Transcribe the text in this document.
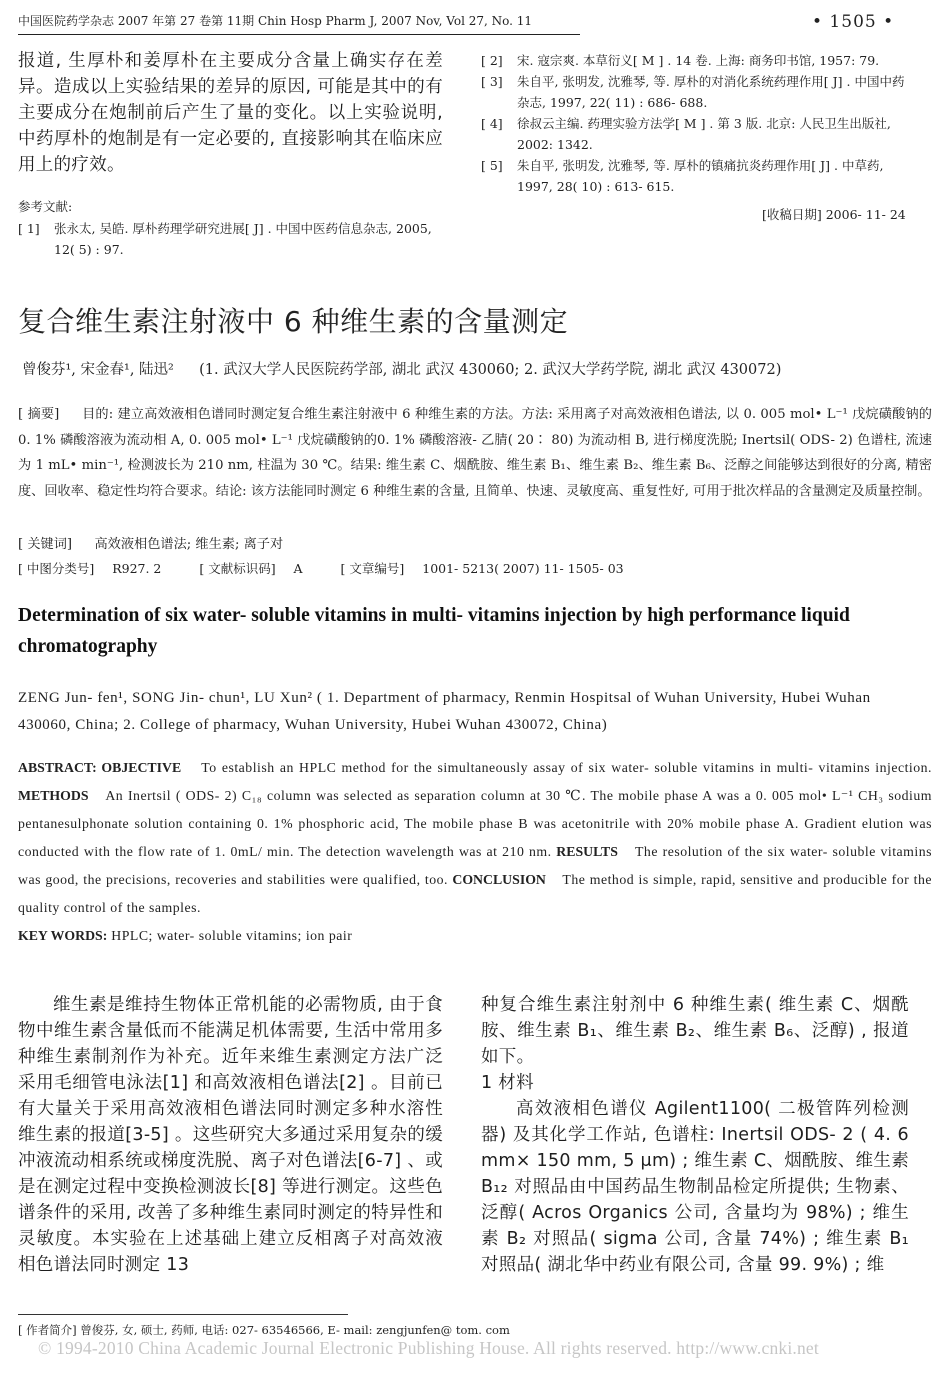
中国医院药学杂志 2007 年第 27 卷第 11期 Chin Hosp Pharm J, 2007 Nov, Vol 27, No. 11	• 1505 •
报道, 生厚朴和姜厚朴在主要成分含量上确实存在差异。造成以上实验结果的差异的原因, 可能是其中的有主要成分在炮制前后产生了量的变化。以上实验说明, 中药厚朴的炮制是有一定必要的, 直接影响其在临床应用上的疗效。
参考文献:
[ 1]	张永太, 吴皓. 厚朴药理学研究进展[ J] . 中国中医药信息杂志, 2005, 12( 5) : 97.
[ 2]	宋. 寇宗爽. 本草衍义[ M ] . 14 卷. 上海: 商务印书馆, 1957: 79.
[ 3]	朱自平, 张明发, 沈雅琴, 等. 厚朴的对消化系统药理作用[ J] . 中国中药杂志, 1997, 22( 11) : 686- 688.
[ 4]	徐叔云主编. 药理实验方法学[ M ] . 第 3 版. 北京: 人民卫生出版社, 2002: 1342.
[ 5]	朱自平, 张明发, 沈雅琴, 等. 厚朴的镇痛抗炎药理作用[ J] . 中草药, 1997, 28( 10) : 613- 615.
[收稿日期] 2006- 11- 24
复合维生素注射液中 6 种维生素的含量测定
曾俊芬¹, 宋金春¹, 陆迅² (1. 武汉大学人民医院药学部, 湖北 武汉 430060; 2. 武汉大学药学院, 湖北 武汉 430072)
[ 摘要] 目的: 建立高效液相色谱同时测定复合维生素注射液中 6 种维生素的方法。方法: 采用离子对高效液相色谱法, 以 0. 005 mol• L⁻¹ 戊烷磺酸钠的0. 1% 磷酸溶液为流动相 A, 0. 005 mol• L⁻¹ 戊烷磺酸钠的0. 1% 磷酸溶液- 乙腈( 20∶ 80) 为流动相 B, 进行梯度洗脱; Inertsil( ODS- 2) 色谱柱, 流速为 1 mL• min⁻¹, 检测波长为 210 nm, 柱温为 30 ℃。结果: 维生素 C、烟酰胺、维生素 B₁、维生素 B₂、维生素 B₆、泛醇之间能够达到很好的分离, 精密度、回收率、稳定性均符合要求。结论: 该方法能同时测定 6 种维生素的含量, 且简单、快速、灵敏度高、重复性好, 可用于批次样品的含量测定及质量控制。
[ 关键词] 高效液相色谱法; 维生素; 离子对
[ 中图分类号] R927. 2	[ 文献标识码] A	[ 文章编号] 1001- 5213( 2007) 11- 1505- 03
Determination of six water- soluble vitamins in multi- vitamins injection by high performance liquid chromatography
ZENG Jun- fen¹, SONG Jin- chun¹, LU Xun² ( 1. Department of pharmacy, Renmin Hospitsal of Wuhan University, Hubei Wuhan 430060, China; 2. College of pharmacy, Wuhan University, Hubei Wuhan 430072, China)
ABSTRACT: OBJECTIVE To establish an HPLC method for the simultaneously assay of six water- soluble vitamins in multi- vitamins injection. METHODS An Inertsil ( ODS- 2) C₁₈ column was selected as separation column at 30 ℃. The mobile phase A was a 0. 005 mol• L⁻¹ CH₃ sodium pentanesulphonate solution containing 0. 1% phosphoric acid, The mobile phase B was acetonitrile with 20% mobile phase A. Gradient elution was conducted with the flow rate of 1. 0mL/ min. The detection wavelength was at 210 nm. RESULTS The resolution of the six water- soluble vitamins was good, the precisions, recoveries and stabilities were qualified, too. CONCLUSION The method is simple, rapid, sensitive and producible for the quality control of the samples.
KEY WORDS: HPLC; water- soluble vitamins; ion pair
维生素是维持生物体正常机能的必需物质, 由于食物中维生素含量低而不能满足机体需要, 生活中常用多种维生素制剂作为补充。近年来维生素测定方法广泛采用毛细管电泳法[1] 和高效液相色谱法[2] 。目前已有大量关于采用高效液相色谱法同时测定多种水溶性维生素的报道[3-5] 。这些研究大多通过采用复杂的缓冲液流动相系统或梯度洗脱、离子对色谱法[6-7] 、或是在测定过程中变换检测波长[8] 等进行测定。这些色谱条件的采用, 改善了多种维生素同时测定的特异性和灵敏度。本实验在上述基础上建立反相离子对高效液相色谱法同时测定 13
种复合维生素注射剂中 6 种维生素( 维生素 C、烟酰胺、维生素 B₁、维生素 B₂、维生素 B₆、泛醇) , 报道如下。
1 材料
高效液相色谱仪 Agilent1100( 二极管阵列检测器) 及其化学工作站, 色谱柱: Inertsil ODS- 2 ( 4. 6 mm× 150 mm, 5 μm) ; 维生素 C、烟酰胺、维生素 B₁₂ 对照品由中国药品生物制品检定所提供; 生物素、泛醇( Acros Organics 公司, 含量均为 98%) ; 维生素 B₂ 对照品( sigma 公司, 含量 74%) ; 维生素 B₁ 对照品( 湖北华中药业有限公司, 含量 99. 9%) ; 维
[ 作者简介] 曾俊芬, 女, 硕士, 药师, 电话: 027- 63546566, E- mail: zengjunfen@ tom. com
© 1994-2010 China Academic Journal Electronic Publishing House. All rights reserved. http://www.cnki.net
